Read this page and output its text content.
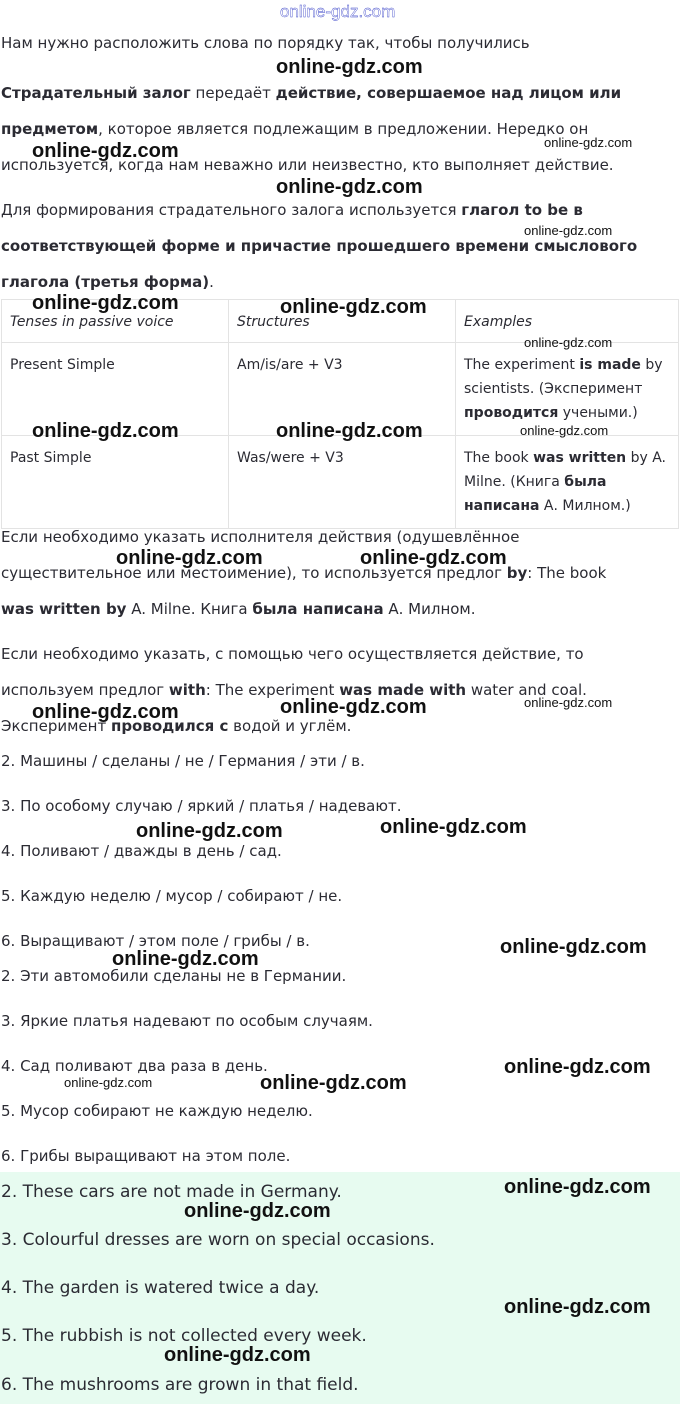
Нам нужно расположить слова по порядку так, чтобы получились
Страдательный залог передаёт действие, совершаемое над лицом или
предметом, которое является подлежащим в предложении. Нередко он
используется, когда нам неважно или неизвестно, кто выполняет действие.
Для формирования страдательного залога используется глагол to be в
соответствующей форме и причастие прошедшего времени смыслового
глагола (третья форма).
Tenses in passive voice	Structures	Examples
Present Simple	Am/is/are + V3	The experiment is made by scientists. (Эксперимент проводится учеными.)
Past Simple	Was/were + V3	The book was written by A. Milne. (Книга была написана А. Милном.)
Если необходимо указать исполнителя действия (одушевлённое
существительное или местоимение), то используется предлог by: The book
was written by A. Milne. Книга была написана А. Милном.
Если необходимо указать, с помощью чего осуществляется действие, то
используем предлог with: The experiment was made with water and coal.
Эксперимент проводился с водой и углём.
2. Машины / сделаны / не / Германия / эти / в.
3. По особому случаю / яркий / платья / надевают.
4. Поливают / дважды в день / сад.
5. Каждую неделю / мусор / собирают / не.
6. Выращивают / этом поле / грибы / в.
2. Эти автомобили сделаны не в Германии.
3. Яркие платья надевают по особым случаям.
4. Сад поливают два раза в день.
5. Мусор собирают не каждую неделю.
6. Грибы выращивают на этом поле.
2. These cars are not made in Germany.
3. Colourful dresses are worn on special occasions.
4. The garden is watered twice a day.
5. The rubbish is not collected every week.
6. The mushrooms are grown in that field.
online-gdz.com
online-gdz.com
online-gdz.com	online-gdz.com
online-gdz.com
online-gdz.com
online-gdz.com	online-gdz.com
online-gdz.com
online-gdz.com	online-gdz.com	online-gdz.com
online-gdz.com	online-gdz.com
online-gdz.com	online-gdz.com	online-gdz.com
online-gdz.com	online-gdz.com
online-gdz.com
online-gdz.com
online-gdz.com
online-gdz.com	online-gdz.com
online-gdz.com
online-gdz.com
online-gdz.com
online-gdz.com
